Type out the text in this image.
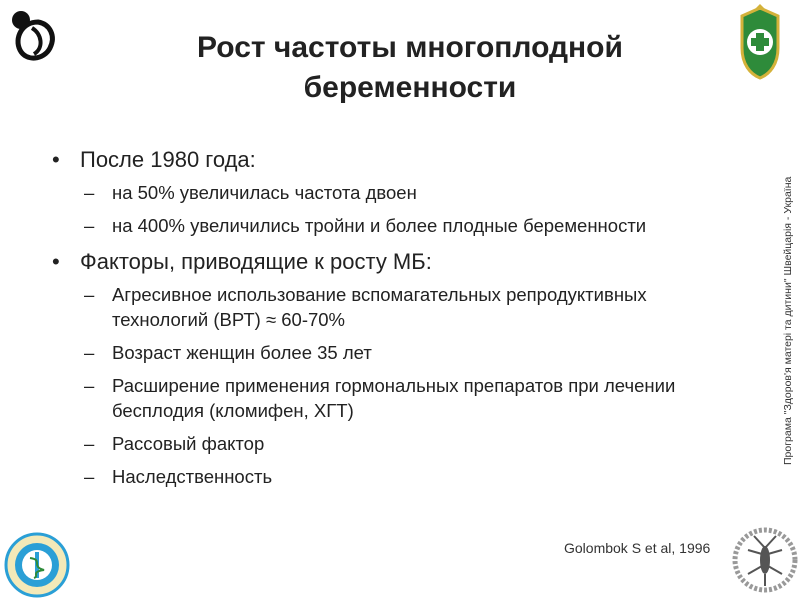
Рост частоты многоплодной беременности
• После 1980 года:
– на 50% увеличилась частота двоен
– на 400% увеличились тройни и более плодные беременности
• Факторы, приводящие к росту МБ:
– Агресивное использование вспомагательных репродуктивных технологий (ВРТ) ≈ 60-70%
– Возраст женщин более 35 лет
– Расширение применения гормональных препаратов при лечении бесплодия (кломифен, ХГТ)
– Рассовый фактор
– Наследственность
Програма "Здоров'я матері та дитини" Швейцарія - Україна
Golombok S et al, 1996
